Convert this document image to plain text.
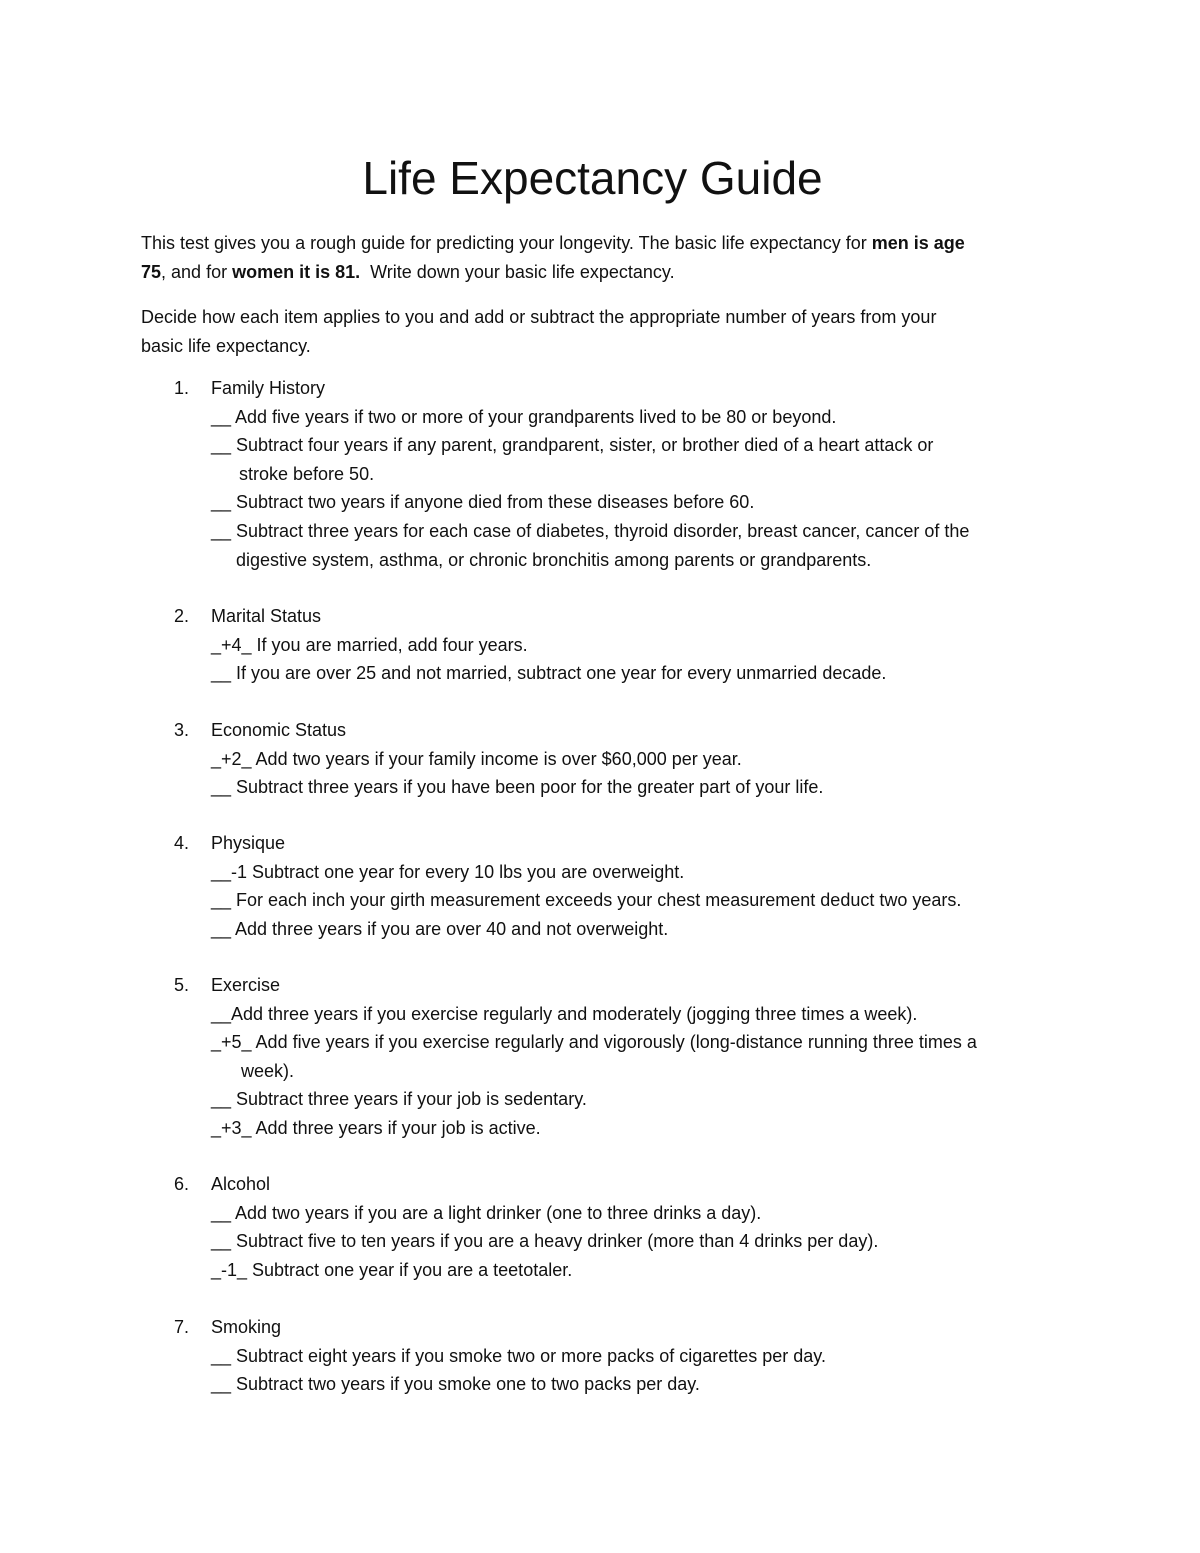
Life Expectancy Guide
This test gives you a rough guide for predicting your longevity. The basic life expectancy for men is age
75, and for women it is 81.  Write down your basic life expectancy.
Decide how each item applies to you and add or subtract the appropriate number of years from your
basic life expectancy.
1. Family History
__ Add five years if two or more of your grandparents lived to be 80 or beyond.
__ Subtract four years if any parent, grandparent, sister, or brother died of a heart attack or
stroke before 50.
__ Subtract two years if anyone died from these diseases before 60.
__ Subtract three years for each case of diabetes, thyroid disorder, breast cancer, cancer of the
digestive system, asthma, or chronic bronchitis among parents or grandparents.
2. Marital Status
_+4_ If you are married, add four years.
__ If you are over 25 and not married, subtract one year for every unmarried decade.
3. Economic Status
_+2_ Add two years if your family income is over $60,000 per year.
__ Subtract three years if you have been poor for the greater part of your life.
4. Physique
__-1 Subtract one year for every 10 lbs you are overweight.
__ For each inch your girth measurement exceeds your chest measurement deduct two years.
__ Add three years if you are over 40 and not overweight.
5. Exercise
__Add three years if you exercise regularly and moderately (jogging three times a week).
_+5_ Add five years if you exercise regularly and vigorously (long-distance running three times a
week).
__ Subtract three years if your job is sedentary.
_+3_ Add three years if your job is active.
6. Alcohol
__ Add two years if you are a light drinker (one to three drinks a day).
__ Subtract five to ten years if you are a heavy drinker (more than 4 drinks per day).
_-1_ Subtract one year if you are a teetotaler.
7. Smoking
__ Subtract eight years if you smoke two or more packs of cigarettes per day.
__ Subtract two years if you smoke one to two packs per day.
